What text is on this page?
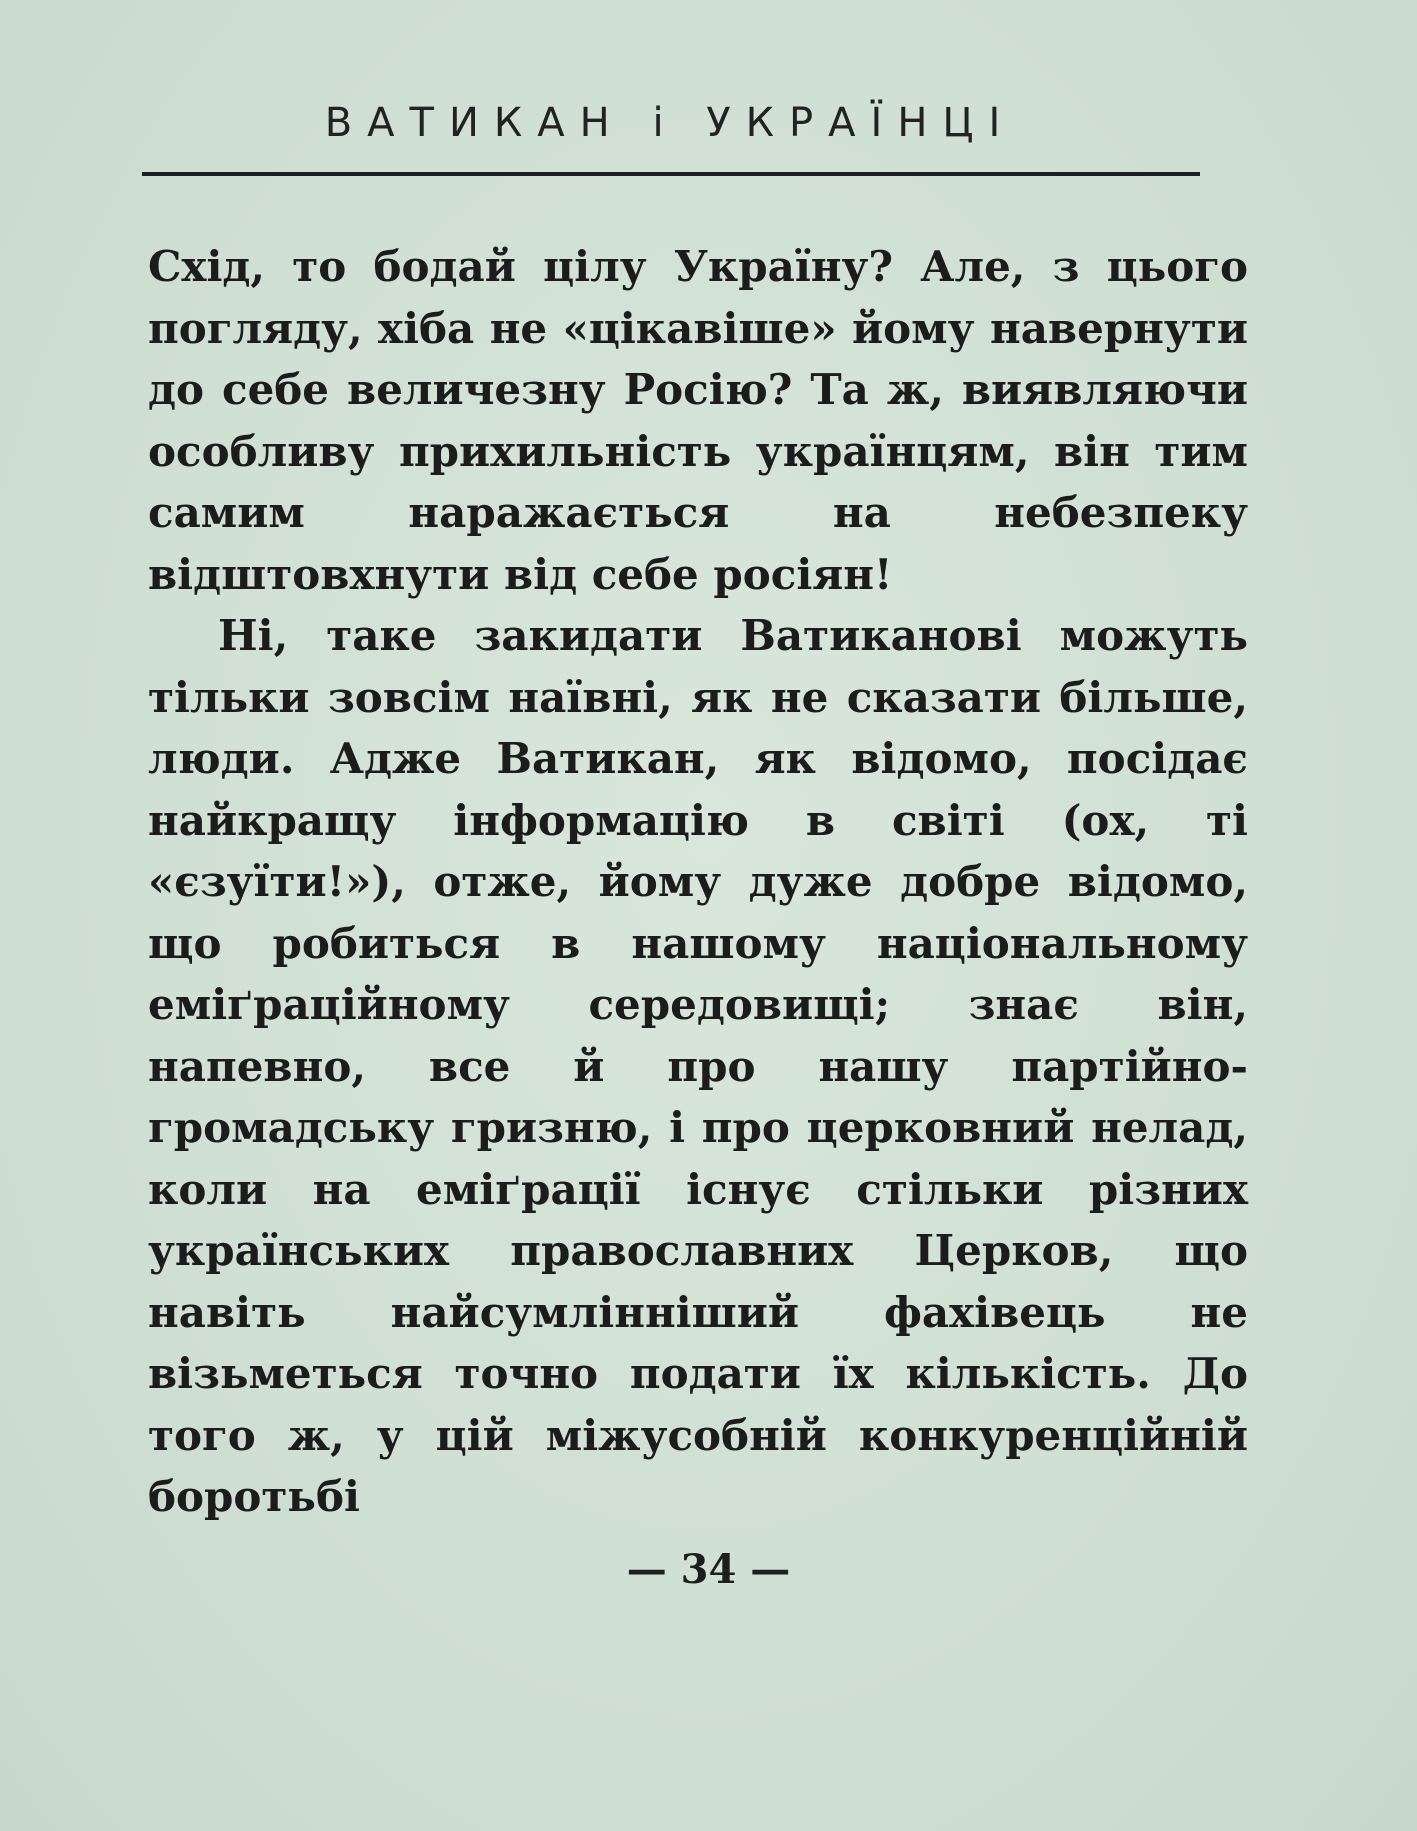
ВАТИКАН і УКРАЇНЦІ

Схід, то бодай цілу Україну? Але, з цього погляду, хіба не «цікавіше» йому навернути до себе величезну Росію? Та ж, виявляючи особливу прихильність українцям, він тим самим наражається на небезпеку відштовхнути від себе росіян!

Ні, таке закидати Ватиканові можуть тільки зовсім наївні, як не сказати більше, люди. Адже Ватикан, як відомо, посідає найкращу інформацію в світі (ох, ті «єзуїти!»), отже, йому дуже добре відомо, що робиться в нашому національному еміґраційному середовищі; знає він, напевно, все й про нашу партійно-громадську гризню, і про церковний нелад, коли на еміґрації існує стільки різних українських православних Церков, що навіть найсумлінніший фахівець не візьметься точно подати їх кількість. До того ж, у цій міжусобній конкуренційній боротьбі

— 34 —
